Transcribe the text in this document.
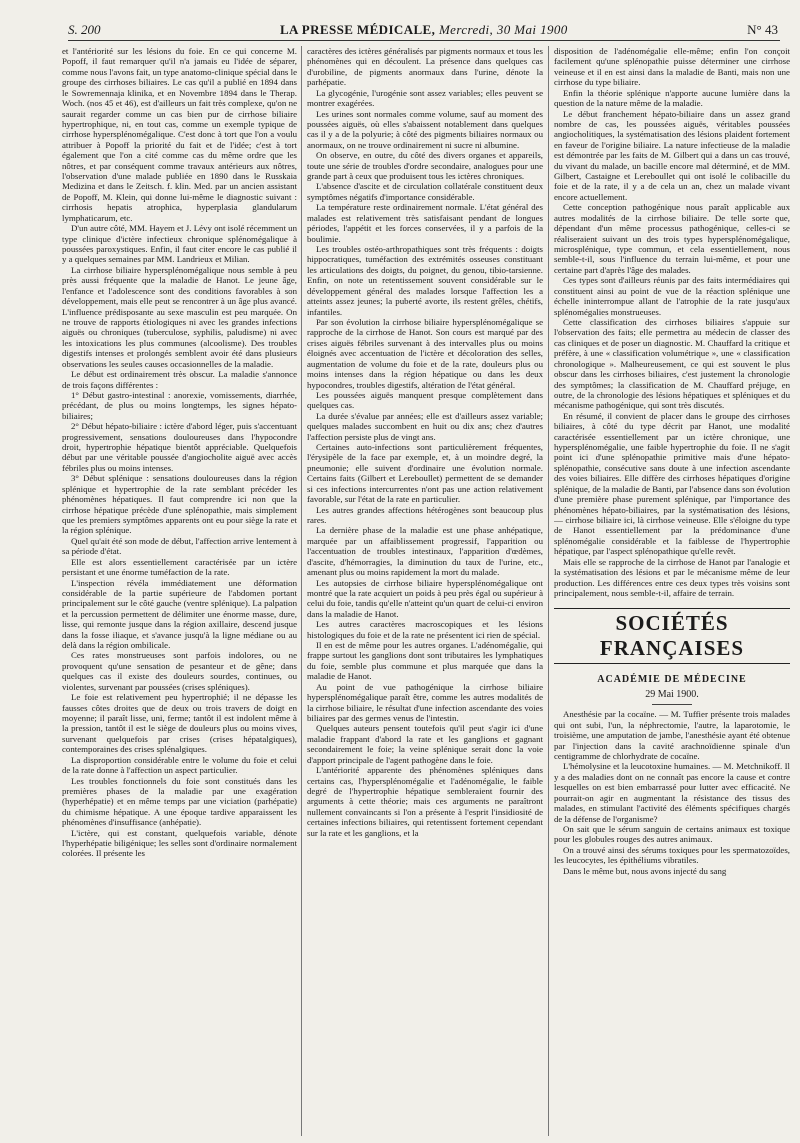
S. 200	LA PRESSE MÉDICALE, Mercredi, 30 Mai 1900	N° 43

et l'antériorité sur les lésions du foie. En ce qui concerne M. Popoff, il faut remarquer qu'il n'a jamais eu l'idée de séparer, comme nous l'avons fait, un type anatomo-clinique spécial dans le groupe des cirrhoses biliaires. Le cas qu'il a publié en 1894 dans le Sowremennaja klinika, et en Novembre 1894 dans le Therap. Woch. (nos 45 et 46), est d'ailleurs un fait très complexe, qu'on ne saurait regarder comme un cas bien pur de cirrhose biliaire hypertrophique, ni, en tout cas, comme un exemple typique de cirrhose hypersplénomégalique. C'est donc à tort que l'on a voulu attribuer à Popoff la priorité du fait et de l'idée; c'est à tort également que l'on a cité comme cas du même ordre que les nôtres, et par conséquent comme travaux antérieurs aux nôtres, l'observation d'une malade publiée en 1890 dans le Russkaia Medizina et dans le Zeitsch. f. klin. Med. par un ancien assistant de Popoff, M. Klein, qui donne lui-même le diagnostic suivant : cirrhosis hepatis atrophica, hyperplasia glandularum lymphaticarum, etc.

D'un autre côté, MM. Hayem et J. Lévy ont isolé récemment un type clinique d'ictère infectieux chronique splénomégalique à poussées paroxystiques. Enfin, il faut citer encore le cas publié il y a quelques semaines par MM. Landrieux et Milian.

La cirrhose biliaire hypersplénomégalique nous semble à peu près aussi fréquente que la maladie de Hanot. Le jeune âge, l'enfance et l'adolescence sont des conditions favorables à son développement, mais elle peut se rencontrer à un âge plus avancé. L'influence prédisposante au sexe masculin est peu marquée. On ne trouve de rapports étiologiques ni avec les grandes infections aiguës ou chroniques (tuberculose, syphilis, paludisme) ni avec les intoxications les plus communes (alcoolisme). Des troubles digestifs intenses et prolongés semblent avoir été dans plusieurs observations les seules causes occasionnelles de la maladie.

Le début est ordinairement très obscur. La maladie s'annonce de trois façons différentes :

1° Début gastro-intestinal : anorexie, vomissements, diarrhée, précédant, de plus ou moins longtemps, les signes hépato-biliaires;

2° Début hépato-biliaire : ictère d'abord léger, puis s'accentuant progressivement, sensations douloureuses dans l'hypocondre droit, hypertrophie hépatique bientôt appréciable. Quelquefois début par une véritable poussée d'angiocholite aiguë avec accès fébriles plus ou moins intenses.

3° Début splénique : sensations douloureuses dans la région splénique et hypertrophie de la rate semblant précéder les phénomènes hépatiques. Il faut comprendre ici non que la cirrhose hépatique précède d'une splénopathie, mais simplement que les premiers symptômes apparents ont eu pour siège la rate et la région splénique.

Quel qu'ait été son mode de début, l'affection arrive lentement à sa période d'état.

Elle est alors essentiellement caractérisée par un ictère persistant et une énorme tuméfaction de la rate.

L'inspection révéla immédiatement une déformation considérable de la partie supérieure de l'abdomen portant principalement sur le côté gauche (ventre splénique). La palpation et la percussion permettent de délimiter une énorme masse, dure, lisse, qui remonte jusque dans la région axillaire, descend jusque dans la fosse iliaque, et s'avance jusqu'à la ligne médiane ou au delà dans la région ombilicale.

Ces rates monstrueuses sont parfois indolores, ou ne provoquent qu'une sensation de pesanteur et de gêne; dans quelques cas il existe des douleurs sourdes, continues, ou violentes, survenant par poussées (crises spléniques).

Le foie est relativement peu hypertrophié; il ne dépasse les fausses côtes droites que de deux ou trois travers de doigt en moyenne; il paraît lisse, uni, ferme; tantôt il est indolent même à la pression, tantôt il est le siège de douleurs plus ou moins vives, survenant quelquefois par crises (crises hépatalgiques), contemporaines des crises splénalgiques.

La disproportion considérable entre le volume du foie et celui de la rate donne à l'affection un aspect particulier.

Les troubles fonctionnels du foie sont constitués dans les premières phases de la maladie par une exagération (hyperhépatie) et en même temps par une viciation (parhépatie) du chimisme hépatique. A une époque tardive apparaissent les phénomènes d'insuffisance (anhépatie).

L'ictère, qui est constant, quelquefois variable, dénote l'hyperhépatie biligénique; les selles sont d'ordinaire normalement colorées. Il présente les

caractères des ictères généralisés par pigments normaux et tous les phénomènes qui en découlent. La présence dans quelques cas d'urobiline, de pigments anormaux dans l'urine, dénote la parhépatie.

La glycogénie, l'urogénie sont assez variables; elles peuvent se montrer exagérées.

Les urines sont normales comme volume, sauf au moment des poussées aiguës, où elles s'abaissent notablement dans quelques cas il y a de la polyurie; à côté des pigments biliaires normaux ou anormaux, on ne trouve ordinairement ni sucre ni albumine.

On observe, en outre, du côté des divers organes et appareils, toute une série de troubles d'ordre secondaire, analogues pour une grande part à ceux que produisent tous les ictères chroniques.

L'absence d'ascite et de circulation collatérale constituent deux symptômes négatifs d'importance considérable.

La température reste ordinairement normale. L'état général des malades est relativement très satisfaisant pendant de longues périodes, l'appétit et les forces conservées, il y a parfois de la boulimie.

Les troubles ostéo-arthropathiques sont très fréquents : doigts hippocratiques, tuméfaction des extrémités osseuses constituant les articulations des doigts, du poignet, du genou, tibio-tarsienne. Enfin, on note un retentissement souvent considérable sur le développement général des malades lorsque l'affection les a atteints assez jeunes; la puberté avorte, ils restent grêles, chétifs, infantiles.

Par son évolution la cirrhose biliaire hypersplénomégalique se rapproche de la cirrhose de Hanot. Son cours est marqué par des crises aiguës fébriles survenant à des intervalles plus ou moins éloignés avec accentuation de l'ictère et décoloration des selles, augmentation de volume du foie et de la rate, douleurs plus ou moins intenses dans la région hépatique ou dans les deux hypocondres, troubles digestifs, altération de l'état général.

Les poussées aiguës manquent presque complètement dans quelques cas.

La durée s'évalue par années; elle est d'ailleurs assez variable; quelques malades succombent en huit ou dix ans; chez d'autres l'affection persiste plus de vingt ans.

Certaines auto-infections sont particulièrement fréquentes, l'érysipèle de la face par exemple, et, à un moindre degré, la pneumonie; elle suivent d'ordinaire une évolution normale. Certains faits (Gilbert et Lereboullet) permettent de se demander si ces infections intercurrentes n'ont pas une action relativement favorable, sur l'état de la rate en particulier.

Les autres grandes affections hétérogènes sont beaucoup plus rares.

La dernière phase de la maladie est une phase anhépatique, marquée par un affaiblissement progressif, l'apparition ou l'accentuation de troubles intestinaux, l'apparition d'œdèmes, d'ascite, d'hémorragies, la diminution du taux de l'urine, etc., amenant plus ou moins rapidement la mort du malade.

Les autopsies de cirrhose biliaire hypersplénomégalique ont montré que la rate acquiert un poids à peu près égal ou supérieur à celui du foie, tandis qu'elle n'atteint qu'un quart de celui-ci environ dans la maladie de Hanot.

Les autres caractères macroscopiques et les lésions histologiques du foie et de la rate ne présentent ici rien de spécial.

Il en est de même pour les autres organes. L'adénomégalie, qui frappe surtout les ganglions dont sont tributaires les lymphatiques du foie, semble plus commune et plus marquée que dans la maladie de Hanot.

Au point de vue pathogénique la cirrhose biliaire hypersplénomégalique paraît être, comme les autres modalités de la cirrhose biliaire, le résultat d'une infection ascendante des voies biliaires par des germes venus de l'intestin.

Quelques auteurs pensent toutefois qu'il peut s'agir ici d'une maladie frappant d'abord la rate et les ganglions et gagnant secondairement le foie; la veine splénique serait donc la voie d'apport principale de l'agent pathogène dans le foie.

L'antériorité apparente des phénomènes spléniques dans certains cas, l'hypersplénomégalie et l'adénomégalie, le faible degré de l'hypertrophie hépatique sembleraient fournir des arguments à cette théorie; mais ces arguments ne paraîtront nullement convaincants si l'on a présente à l'esprit l'insidiosité de certaines infections biliaires, qui retentissent fortement cependant sur la rate et les ganglions, et la

disposition de l'adénomégalie elle-même; enfin l'on conçoit facilement qu'une splénopathie puisse déterminer une cirrhose veineuse et il en est ainsi dans la maladie de Banti, mais non une cirrhose du type biliaire.

Enfin la théorie splénique n'apporte aucune lumière dans la question de la nature même de la maladie.

Le début franchement hépato-biliaire dans un assez grand nombre de cas, les poussées aiguës, véritables poussées angiocholitiques, la systématisation des lésions plaident fortement en faveur de l'origine biliaire. La nature infectieuse de la maladie est démontrée par les faits de M. Gilbert qui a dans un cas trouvé, du vivant du malade, un bacille encore mal déterminé, et de MM. Gilbert, Castaigne et Lereboullet qui ont isolé le colibacille du foie et de la rate, il y a de cela un an, chez un malade vivant encore actuellement.

Cette conception pathogénique nous paraît applicable aux autres modalités de la cirrhose biliaire. De telle sorte que, dépendant d'un même processus pathogénique, celles-ci se réaliseraient suivant un des trois types hypersplénomégalique, microsplénique, type commun, et cela essentiellement, nous semble-t-il, sous l'influence du terrain lui-même, et pour une certaine part d'après l'âge des malades.

Ces types sont d'ailleurs réunis par des faits intermédiaires qui constituent ainsi au point de vue de la réaction splénique une échelle ininterrompue allant de l'atrophie de la rate jusqu'aux splénomégalies monstrueuses.

Cette classification des cirrhoses biliaires s'appuie sur l'observation des faits; elle permettra au médecin de classer des cas cliniques et de poser un diagnostic. M. Chauffard la critique et préfère, à une « classification volumétrique », une « classification chronologique ». Malheureusement, ce qui est souvent le plus obscur dans les cirrhoses biliaires, c'est justement la chronologie des symptômes; la classification de M. Chauffard préjuge, en outre, de la chronologie des lésions hépatiques et spléniques et du mécanisme pathogénique, qui sont très discutés.

En résumé, il convient de placer dans le groupe des cirrhoses biliaires, à côté du type décrit par Hanot, une modalité caractérisée essentiellement par un ictère chronique, une hypersplénomégalie, une faible hypertrophie du foie. Il ne s'agit point ici d'une splénopathie primitive mais d'une hépato-splénopathie, consécutive sans doute à une infection ascendante des voies biliaires. Elle diffère des cirrhoses hépatiques d'origine splénique, de la maladie de Banti, par l'absence dans son évolution d'une première phase purement splénique, par l'importance des phénomènes hépato-biliaires, par la systématisation des lésions, — cirrhose biliaire ici, là cirrhose veineuse. Elle s'éloigne du type de Hanot essentiellement par la prédominance d'une splénomégalie considérable et la faiblesse de l'hypertrophie hépatique, par l'aspect splénopathique qu'elle revêt.

Mais elle se rapproche de la cirrhose de Hanot par l'analogie et la systématisation des lésions et par le mécanisme même de leur production. Les différences entre ces deux types très voisins sont principalement, nous semble-t-il, affaire de terrain.

SOCIÉTÉS FRANÇAISES
ACADÉMIE DE MÉDECINE
29 Mai 1900.

Anesthésie par la cocaïne. — M. Tuffier présente trois malades qui ont subi, l'un, la néphrectomie, l'autre, la laparotomie, le troisième, une amputation de jambe, l'anesthésie ayant été obtenue par l'injection dans la cavité arachnoïdienne spinale d'un centigramme de chlorhydrate de cocaïne.

L'hémolysine et la leucotoxine humaines. — M. Metchnikoff. Il y a des maladies dont on ne connaît pas encore la cause et contre lesquelles on est bien embarrassé pour lutter avec efficacité. Ne pourrait-on agir en augmentant la résistance des tissus des malades, en stimulant l'activité des éléments spécifiques chargés de la défense de l'organisme?

On sait que le sérum sanguin de certains animaux est toxique pour les globules rouges des autres animaux.

On a trouvé ainsi des sérums toxiques pour les spermatozoïdes, les leucocytes, les épithéliums vibratiles.

Dans le même but, nous avons injecté du sang
